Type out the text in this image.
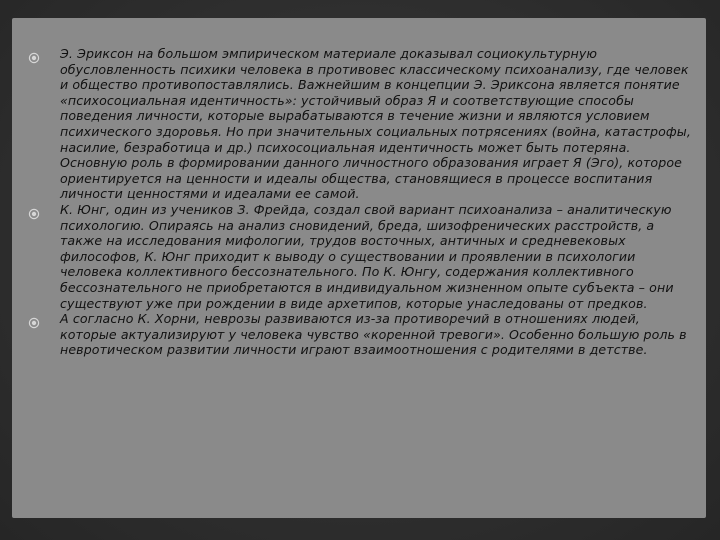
Э. Эриксон на большом эмпирическом материале доказывал социокультурную обусловленность психики человека в противовес классическому психоанализу, где человек и общество противопоставлялись. Важнейшим в концепции Э. Эриксона является понятие «психосоциальная идентичность»: устойчивый образ Я и соответствующие способы поведения личности, которые вырабатываются в течение жизни и являются условием психического здоровья. Но при значительных социальных потрясениях (война, катастрофы, насилие, безработица и др.) психосоциальная идентичность может быть потеряна. Основную роль в формировании данного личностного образования играет Я (Эго), которое ориентируется на ценности и идеалы общества, становящиеся в процессе воспитания личности ценностями и идеалами ее самой.
К. Юнг, один из учеников З. Фрейда, создал свой вариант психоанализа – аналитическую психологию. Опираясь на анализ сновидений, бреда, шизофренических расстройств, а также на исследования мифологии, трудов восточных, античных и средневековых философов, К. Юнг приходит к выводу о существовании и проявлении в психологии человека коллективного бессознательного. По К. Юнгу, содержания коллективного бессознательного не приобретаются в индивидуальном жизненном опыте субъекта – они существуют уже при рождении в виде архетипов, которые унаследованы от предков.
А согласно К. Хорни, неврозы развиваются из-за противоречий в отношениях людей, которые актуализируют у человека чувство «коренной тревоги». Особенно большую роль в невротическом развитии личности играют взаимоотношения с родителями в детстве.
